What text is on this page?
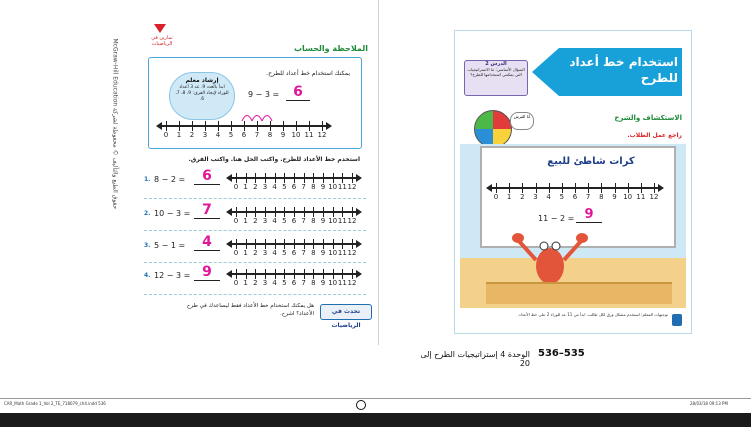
McGraw-Hill Education حقوق الطبع والتأليف © محفوظة لشركة
تمارين في الرياضيات	الملاحظة والحساب
يمكنك استخدام خط أعداد للطرح.
إرشاد معلم
ابدأ بالعدد 9. عد 3 أعداد للوراء لإيجاد الفرق: 9، 8، 7، 6.
9 − 3 = 6
0	1	2	3	4	5	6	7	8	9 10 11 12
استخدم خط الأعداد للطرح. واكتب الحل هنا. واكتب الفرق.
1. 8 − 2 =	6
0 1 2 3 4 5 6 7 8 9 10 11 12
2. 10 − 3 = 7
0 1 2 3 4 5 6 7 8 9 10 11 12
3. 5 − 1 =	4
0 1 2 3 4 5 6 7 8 9 10 11 12
4. 12 − 3 = 9
0 1 2 3 4 5 6 7 8 9 10 11 12
هل يمكنك استخدام خط الأعداد فقط ليساعدك في طرح الأعداد؟ اشرح.	تحدث في الرياضيات
الدرس 2
السؤال الأساسي: ما الاستراتيجيات التي يمكنني استخدامها للطرح؟
استخدام خط أعداد للطرح
الاستكشاف والشرح
أنا القرش
راجع عمل الطلاب.
كرات شاطئ للبيع
0	1	2	3	4	5	6	7	8	9 10 11 12
11 − 2 = 9
توجيهات المعلم: استخدم مشكل ورق لكل طالب. ابدأ من 11 عد للوراء 2 على خط الأعداد.
536–535
الوحدة 4 إستراتيجيات الطرح إلى 20
CAR_Math Grade 1_Vol 2_TE_718079_ch4.indd 536	28/03/18 09:13 PM
